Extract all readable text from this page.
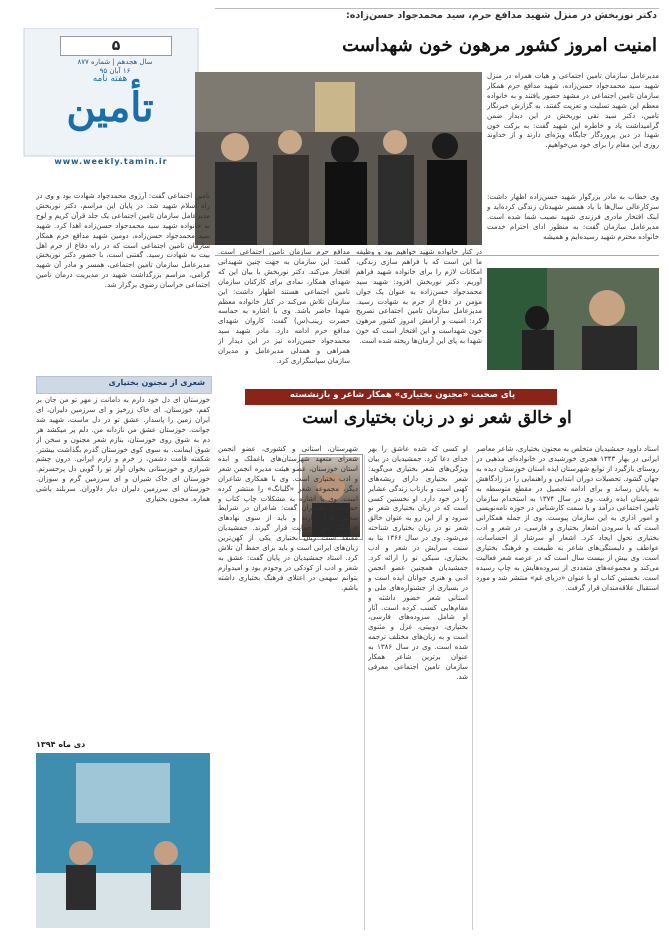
دکتر نوربخش در منزل شهید مدافع حرم، سید محمدجواد حسن‌زاده:
امنیت امروز کشور مرهون خون شهداست
۵
سال هجدهم | شماره ۸۷۷
۱۶ آبان ۹۵
هفته نامه
تأمین
www.weekly.tamin.ir
مدیرعامل سازمان تامین اجتماعی و هیات همراه در منزل شهید سید محمدجواد حسن‌زاده، شهید مدافع حرم همکار سازمان تامین اجتماعی در مشهد حضور یافتند و به خانواده معظم این شهید تسلیت و تعزیت گفتند. به گزارش خبرنگار تامین، دکتر سید تقی نوربخش در این دیدار ضمن گرامیداشت یاد و خاطره این شهید گفت: به برکت خون شهدا در دین پروردگار جایگاه ویژه‌ای دارند و از خداوند روزی این مقام را برای خود می‌خواهیم.
وی خطاب به مادر بزرگوار شهید حسن‌زاده اظهار داشت: سرکارعالی سال‌ها با یاد همسر شهیدتان زندگی کرده‌اید و اینک افتخار مادری فرزندی شهید نصیب شما شده است. مدیرعامل سازمان گفت: به منظور ادای احترام خدمت خانواده محترم شهید رسیده‌ایم و همیشه
در کنار خانواده شهید خواهیم بود و وظیفه ما این است که با فراهم سازی زندگی، امکانات لازم را برای خانواده شهید فراهم آوریم. دکتر نوربخش افزود: شهید سید محمدجواد حسن‌زاده به عنوان یک جوان مؤمن در دفاع از حرم به شهادت رسید. مدیرعامل سازمان تامین اجتماعی تصریح کرد: امنیت و آرامش امروز کشور مرهون خون شهداست و این افتخار است که خون شهدا به پای این آرمان‌ها ریخته شده است.
مدافع حرم سازمان تامین اجتماعی است. گفت: این سازمان به جهت چنین شهیدانی افتخار می‌کند. دکتر نوربخش با بیان این که شهدای همکار، نمادی برای کارکنان سازمان تامین اجتماعی هستند اظهار داشت: این سازمان تلاش می‌کند در کنار خانواده معظم شهدا حاضر باشد. وی با اشاره به حماسه حضرت زینب(س) گفت: کاروان شهدای مدافع حرم ادامه دارد. مادر شهید سید محمدجواد حسن‌زاده نیز در این دیدار از همراهی و همدلی مدیرعامل و مدیران سازمان سپاسگزاری کرد.
تامین اجتماعی گفت: آرزوی محمدجواد شهادت بود و وی در راه اسلام شهید شد. در پایان این مراسم، دکتر نوربخش مدیرعامل سازمان تامین اجتماعی یک جلد قرآن کریم و لوح به خانواده شهید سید محمدجواد حسن‌زاده اهدا کرد. شهید سید محمدجواد حسن‌زاده، دومین شهید مدافع حرم همکار سازمان تامین اجتماعی است که در راه دفاع از حرم اهل بیت به شهادت رسید. گفتنی است، با حضور دکتر نوربخش مدیرعامل سازمان تامین اجتماعی، همسر و مادر آن شهید گرامی، مراسم بزرگداشت شهید در مدیریت درمان تامین اجتماعی خراسان رضوی برگزار شد.
پای صحبت «مجنون بختیاری» همکار شاعر و بازنشسته
او خالق شعر نو در زبان بختیاری است
استاد داوود جمشیدیان متخلص به مجنون بختیاری، شاعر معاصر ایرانی در بهار ۱۳۴۳ هجری خورشیدی در خانواده‌ای مذهبی در روستای بازگیرد از توابع شهرستان ایذه استان خوزستان دیده به جهان گشود. تحصیلات دوران ابتدایی و راهنمایی را در زادگاهش به پایان رساند و برای ادامه تحصیل در مقطع متوسطه به شهرستان ایذه رفت. وی در سال ۱۳۷۴ به استخدام سازمان تامین اجتماعی درآمد و با سمت کارشناس در حوزه نامه‌نویسی و امور اداری به این سازمان پیوست. وی از جمله همکارانی است که با سرودن اشعار بختیاری و فارسی، در شعر و ادب بختیاری تحول ایجاد کرد. اشعار او سرشار از احساسات، عواطف و دلبستگی‌های شاعر به طبیعت و فرهنگ بختیاری است. وی بیش از بیست سال است که در عرصه شعر فعالیت می‌کند و مجموعه‌های متعددی از سروده‌هایش به چاپ رسیده است. نخستین کتاب او با عنوان «دریای غم» منتشر شد و مورد استقبال علاقه‌مندان قرار گرفت.
او کسی که شده عاشق را بهر خدای دعا کرد. جمشیدیان در بیان ویژگی‌های شعر بختیاری می‌گوید: شعر بختیاری دارای ریشه‌های کهنی است و بازتاب زندگی عشایر را در خود دارد. او نخستین کسی است که در زبان بختیاری شعر نو سرود و از این رو به عنوان خالق شعر نو در زبان بختیاری شناخته می‌شود. وی در سال ۱۳۶۶ بنا به سنت سرایش در شعر و ادب بختیاری، سبکی نو را ارائه کرد. جمشیدیان همچنین عضو انجمن ادبی و هنری جوانان ایذه است و در بسیاری از جشنواره‌های ملی و استانی شعر حضور داشته و مقام‌هایی کسب کرده است. آثار او شامل سروده‌های فارسی، بختیاری، دوبیتی، غزل و مثنوی است و به زبان‌های مختلف ترجمه شده است. وی در سال ۱۳۸۶ به عنوان برترین شاعر همکار سازمان تامین اجتماعی معرفی شد.
شهرستان، استانی و کشوری، عضو انجمن شعرای متعهد شهرستان‌های باغملک و ایذه استان خوزستان، عضو هیئت مدیره انجمن شعر و ادب بختیاری است. وی با همکاری شاعران دیگر، مجموعه شعر «گلبانگ» را منتشر کرده است. وی با اشاره به مشکلات چاپ کتاب و حمایت از شاعران گفت: شاعران در شرایط سختی قرار دارند و باید از سوی نهادهای فرهنگی مورد حمایت قرار گیرند. جمشیدیان معتقد است زبان بختیاری یکی از کهن‌ترین زبان‌های ایرانی است و باید برای حفظ آن تلاش کرد. استاد جمشیدیان در پایان گفت: عشق به شعر و ادب از کودکی در وجودم بود و امیدوارم بتوانم سهمی در اعتلای فرهنگ بختیاری داشته باشم.
شعری از مجنون بختیاری
خوزستان ای دل خود دارم به دامانت ز مهر تو من جان بر کفم، خوزستان. ای خاک زرخیز و ای سرزمین دلیران، ای ایران زمین را پاسدار. عشق تو در دل ماست، شهید شد جوانت. خوزستان عشق من نازدانه من. دلم پر میکشد هر دم به شوق روی خوزستان، بنازم شعر مجنون و سخن از شوق ایمانت. به سوی کوی خوزستان گذرم بگذاشت بیشتر. شکفته قامت دشمن، ز خرم و زارم ایرانی. درون چشم شیرازی و خوزستانی بخوان آواز تو را گویی دل پرحسرتم. خوزستان ای خاک شیران و ای سرزمین گرم و سوزان. خوزستان ای سرزمین دلیران دیار دلاوران. سربلند باشی هماره. مجنون بختیاری
دی ماه ۱۳۹۴
